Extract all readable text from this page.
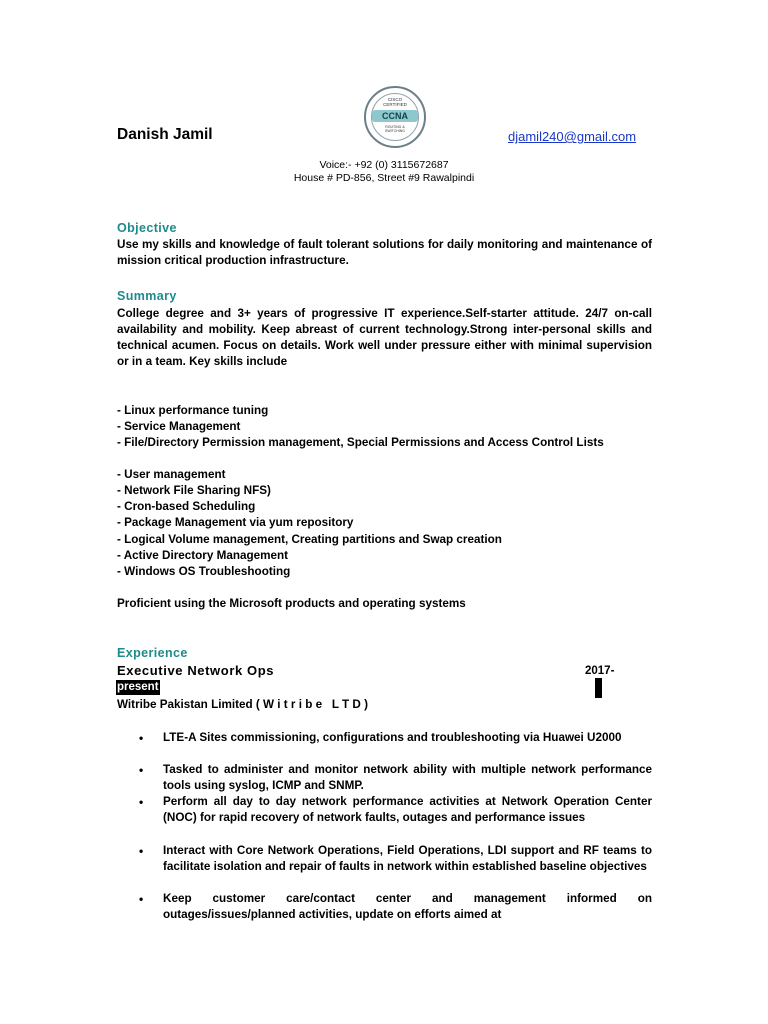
CISCO
CERTIFIED
CCNA
ROUTING &
SWITCHING
Danish Jamil	djamil240@gmail.com
Voice:- +92 (0) 3115672687
House # PD-856, Street #9 Rawalpindi
Objective
Use my skills and knowledge of fault tolerant solutions for daily monitoring and maintenance of mission critical production infrastructure.
Summary
College degree and 3+ years of progressive IT experience.Self-starter attitude. 24/7 on-call availability and mobility. Keep abreast of current technology.Strong inter-personal skills and technical acumen. Focus on details. Work well under pressure either with minimal supervision or in a team. Key skills include
- Linux performance tuning
- Service Management
- File/Directory Permission management, Special Permissions and Access Control Lists
- User management
- Network File Sharing NFS)
- Cron-based Scheduling
- Package Management via yum repository
- Logical Volume management, Creating partitions and Swap creation
- Active Directory Management
- Windows OS Troubleshooting
Proficient using the Microsoft products and operating systems
Experience
Executive Network Ops	2017-
present
Witribe Pakistan Limited ( W i t r i b e   L T D )
• LTE-A Sites commissioning, configurations and troubleshooting via Huawei U2000
• Tasked to administer and monitor network ability with multiple network performance tools using syslog, ICMP and SNMP.
• Perform all day to day network performance activities at Network Operation Center (NOC) for rapid recovery of network faults, outages and performance issues
• Interact with Core Network Operations, Field Operations, LDI support and RF teams to facilitate isolation and repair of faults in network within established baseline objectives
• Keep customer care/contact center and management informed on outages/issues/planned activities, update on efforts aimed at
